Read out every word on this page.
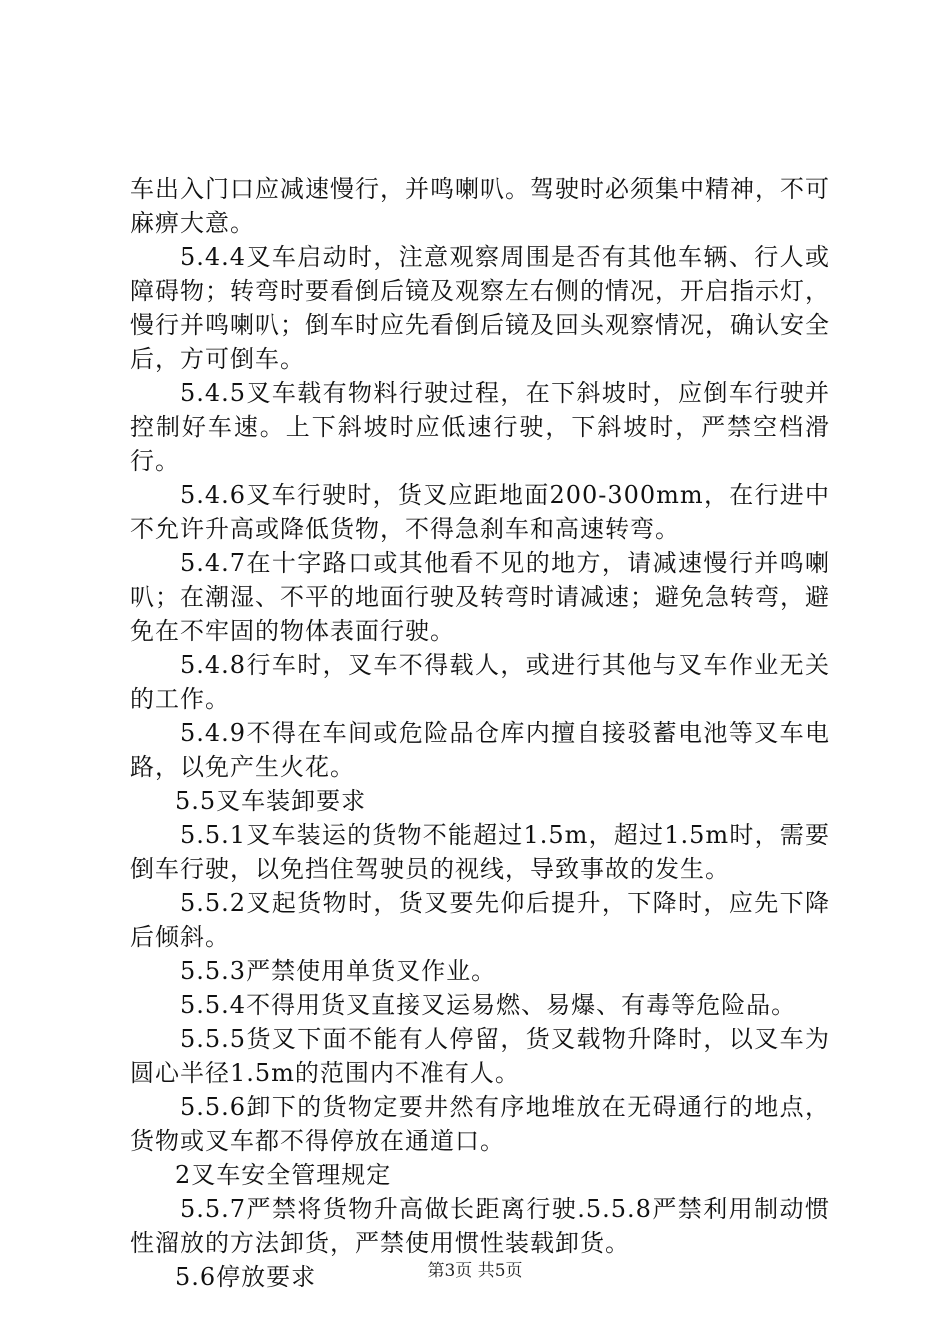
车出入门口应减速慢行，并鸣喇叭。驾驶时必须集中精神，不可麻痹大意。

5.4.4叉车启动时，注意观察周围是否有其他车辆、行人或障碍物；转弯时要看倒后镜及观察左右侧的情况，开启指示灯，慢行并鸣喇叭；倒车时应先看倒后镜及回头观察情况，确认安全后，方可倒车。

5.4.5叉车载有物料行驶过程，在下斜坡时，应倒车行驶并控制好车速。上下斜坡时应低速行驶，下斜坡时，严禁空档滑行。

5.4.6叉车行驶时，货叉应距地面200-300mm，在行进中不允许升高或降低货物，不得急刹车和高速转弯。

5.4.7在十字路口或其他看不见的地方，请减速慢行并鸣喇叭；在潮湿、不平的地面行驶及转弯时请减速；避免急转弯，避免在不牢固的物体表面行驶。

5.4.8行车时，叉车不得载人，或进行其他与叉车作业无关的工作。

5.4.9不得在车间或危险品仓库内擅自接驳蓄电池等叉车电路，以免产生火花。

5.5叉车装卸要求

5.5.1叉车装运的货物不能超过1.5m，超过1.5m时，需要倒车行驶，以免挡住驾驶员的视线，导致事故的发生。

5.5.2叉起货物时，货叉要先仰后提升，下降时，应先下降后倾斜。

5.5.3严禁使用单货叉作业。

5.5.4不得用货叉直接叉运易燃、易爆、有毒等危险品。

5.5.5货叉下面不能有人停留，货叉载物升降时，以叉车为圆心半径1.5m的范围内不准有人。

5.5.6卸下的货物定要井然有序地堆放在无碍通行的地点，货物或叉车都不得停放在通道口。

2叉车安全管理规定

5.5.7严禁将货物升高做长距离行驶.5.5.8严禁利用制动惯性溜放的方法卸货，严禁使用惯性装载卸货。

5.6停放要求	第3页 共5页
